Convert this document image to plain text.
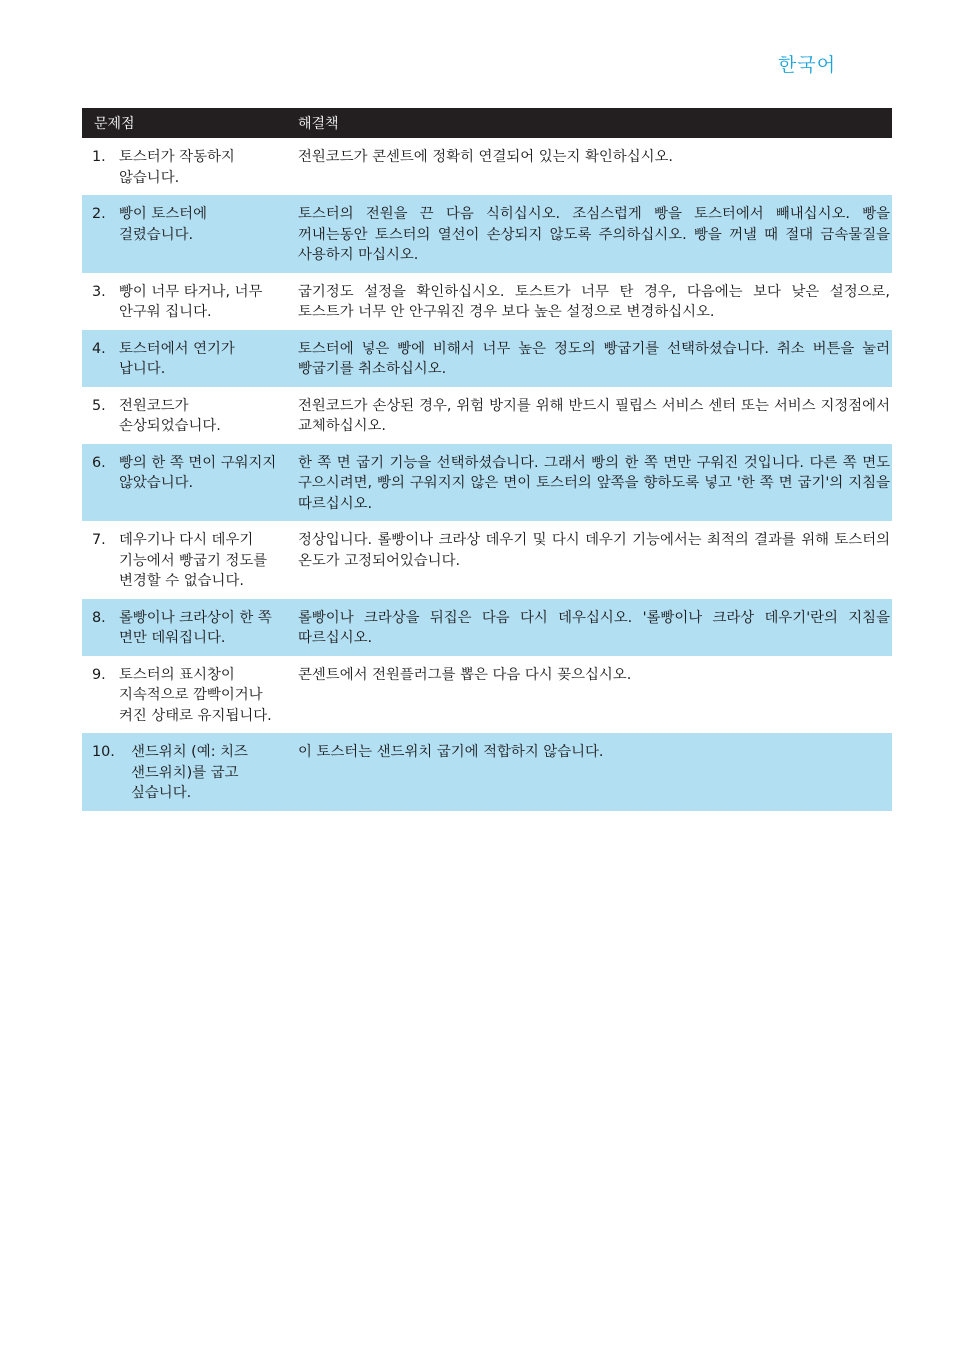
한국어
문제점	해결책

1. 토스터가 작동하지 않습니다.	전원코드가 콘센트에 정확히 연결되어 있는지 확인하십시오.

2. 빵이 토스터에 걸렸습니다.	토스터의 전원을 끈 다음 식히십시오. 조심스럽게 빵을 토스터에서 빼내십시오. 빵을 꺼내는동안 토스터의 열선이 손상되지 않도록 주의하십시오. 빵을 꺼낼 때 절대 금속물질을 사용하지 마십시오.

3. 빵이 너무 타거나, 너무 안구워 집니다.	굽기정도 설정을 확인하십시오. 토스트가 너무 탄 경우, 다음에는 보다 낮은 설정으로, 토스트가 너무 안 안구워진 경우 보다 높은 설정으로 변경하십시오.

4. 토스터에서 연기가 납니다.	토스터에 넣은 빵에 비해서 너무 높은 정도의 빵굽기를 선택하셨습니다. 취소 버튼을 눌러 빵굽기를 취소하십시오.

5. 전원코드가 손상되었습니다.	전원코드가 손상된 경우, 위험 방지를 위해 반드시 필립스 서비스 센터 또는 서비스 지정점에서 교체하십시오.

6. 빵의 한 쪽 면이 구워지지 않았습니다.	한 쪽 면 굽기 기능을 선택하셨습니다. 그래서 빵의 한 쪽 면만 구워진 것입니다. 다른 쪽 면도 구으시려면, 빵의 구워지지 않은 면이 토스터의 앞쪽을 향하도록 넣고 '한 쪽 면 굽기'의 지침을 따르십시오.

7. 데우기나 다시 데우기 기능에서 빵굽기 정도를 변경할 수 없습니다.	정상입니다. 롤빵이나 크라상 데우기 및 다시 데우기 기능에서는 최적의 결과를 위해 토스터의 온도가 고정되어있습니다.

8. 롤빵이나 크라상이 한 쪽 면만 데워집니다.	롤빵이나 크라상을 뒤집은 다음 다시 데우십시오. '롤빵이나 크라상 데우기'란의 지침을 따르십시오.

9. 토스터의 표시창이 지속적으로 깜빡이거나 켜진 상태로 유지됩니다.	콘센트에서 전원플러그를 뽑은 다음 다시 꽂으십시오.

10. 샌드위치 (예: 치즈 샌드위치)를 굽고 싶습니다.	이 토스터는 샌드위치 굽기에 적합하지 않습니다.
